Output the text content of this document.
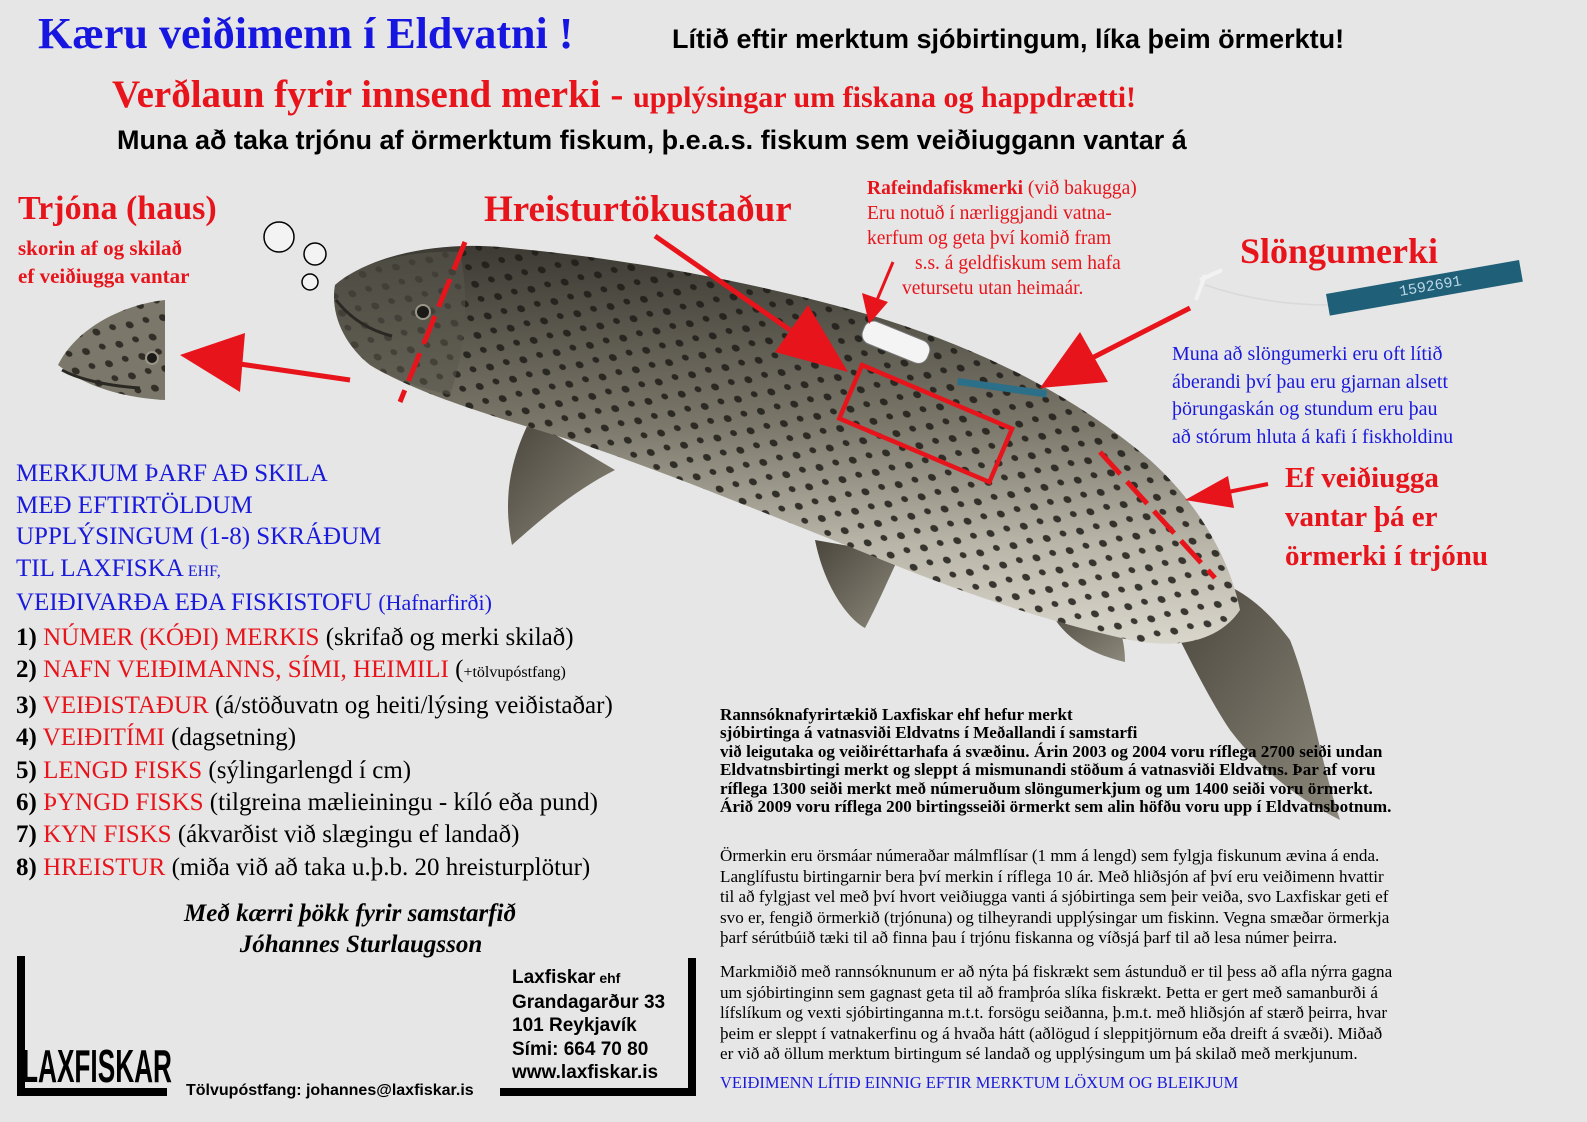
1592691
Kæru veiðimenn í Eldvatni !	Lítið eftir merktum sjóbirtingum, líka þeim örmerktu!
Verðlaun fyrir innsend merki - upplýsingar um fiskana og happdrætti!
Muna að taka trjónu af örmerktum fiskum, þ.e.a.s. fiskum sem veiðiuggann vantar á
Trjóna (haus)
skorin af og skilað
ef veiðiugga vantar
Hreisturtökustaður
Rafeindafiskmerki (við bakugga)
Eru notuð í nærliggjandi vatna-
kerfum og geta því komið fram
s.s. á geldfiskum sem hafa
vetursetu utan heimaár.
Slöngumerki
Muna að slöngumerki eru oft lítið
áberandi því þau eru gjarnan alsett
þörungaskán og stundum eru þau
að stórum hluta á kafi í fiskholdinu
Ef veiðiugga
vantar þá er
örmerki í trjónu
MERKJUM ÞARF AÐ SKILA
MEÐ EFTIRTÖLDUM
UPPLÝSINGUM (1-8) SKRÁÐUM
TIL LAXFISKA EHF,
VEIÐIVARÐA EÐA FISKISTOFU (Hafnarfirði)
1) NÚMER (KÓÐI) MERKIS (skrifað og merki skilað)
2) NAFN VEIÐIMANNS, SÍMI, HEIMILI (+tölvupóstfang)
3) VEIÐISTAÐUR (á/stöðuvatn og heiti/lýsing veiðistaðar)
4) VEIÐITÍMI (dagsetning)
5) LENGD FISKS (sýlingarlengd í cm)
6) ÞYNGD FISKS (tilgreina mælieiningu - kíló eða pund)
7) KYN FISKS (ákvarðist við slægingu ef landað)
8) HREISTUR (miða við að taka u.þ.b. 20 hreisturplötur)
Með kærri þökk fyrir samstarfið
Jóhannes Sturlaugsson
LAXFISKAR
Laxfiskar ehf
Grandagarður 33
101 Reykjavík
Sími: 664 70 80
www.laxfiskar.is
Tölvupóstfang: johannes@laxfiskar.is
Rannsóknafyrirtækið Laxfiskar ehf hefur merkt
sjóbirtinga á vatnasviði Eldvatns í Meðallandi í samstarfi
við leigutaka og veiðiréttarhafa á svæðinu. Árin 2003 og 2004 voru ríflega 2700 seiði undan
Eldvatnsbirtingi merkt og sleppt á mismunandi stöðum á vatnasviði Eldvatns. Þar af voru
ríflega 1300 seiði merkt með númeruðum slöngumerkjum og um 1400 seiði voru örmerkt.
Árið 2009 voru ríflega 200 birtingsseiði örmerkt sem alin höfðu voru upp í Eldvatnsbotnum.
Örmerkin eru örsmáar númeraðar málmflísar (1 mm á lengd) sem fylgja fiskunum ævina á enda.
Langlífustu birtingarnir bera því merkin í ríflega 10 ár. Með hliðsjón af því eru veiðimenn hvattir
til að fylgjast vel með því hvort veiðiugga vanti á sjóbirtinga sem þeir veiða, svo Laxfiskar geti ef
svo er, fengið örmerkið (trjónuna) og tilheyrandi upplýsingar um fiskinn. Vegna smæðar örmerkja
þarf sérútbúið tæki til að finna þau í trjónu fiskanna og víðsjá þarf til að lesa númer þeirra.
Markmiðið með rannsóknunum er að nýta þá fiskrækt sem ástunduð er til þess að afla nýrra gagna
um sjóbirtinginn sem gagnast geta til að framþróa slíka fiskrækt. Þetta er gert með samanburði á
lífslíkum og vexti sjóbirtinganna m.t.t. forsögu seiðanna, þ.m.t. með hliðsjón af stærð þeirra, hvar
þeim er sleppt í vatnakerfinu og á hvaða hátt (aðlögud í sleppitjörnum eða dreift á svæði). Miðað
er við að öllum merktum birtingum sé landað og upplýsingum um þá skilað með merkjunum.
VEIÐIMENN LÍTIÐ EINNIG EFTIR MERKTUM LÖXUM OG BLEIKJUM
